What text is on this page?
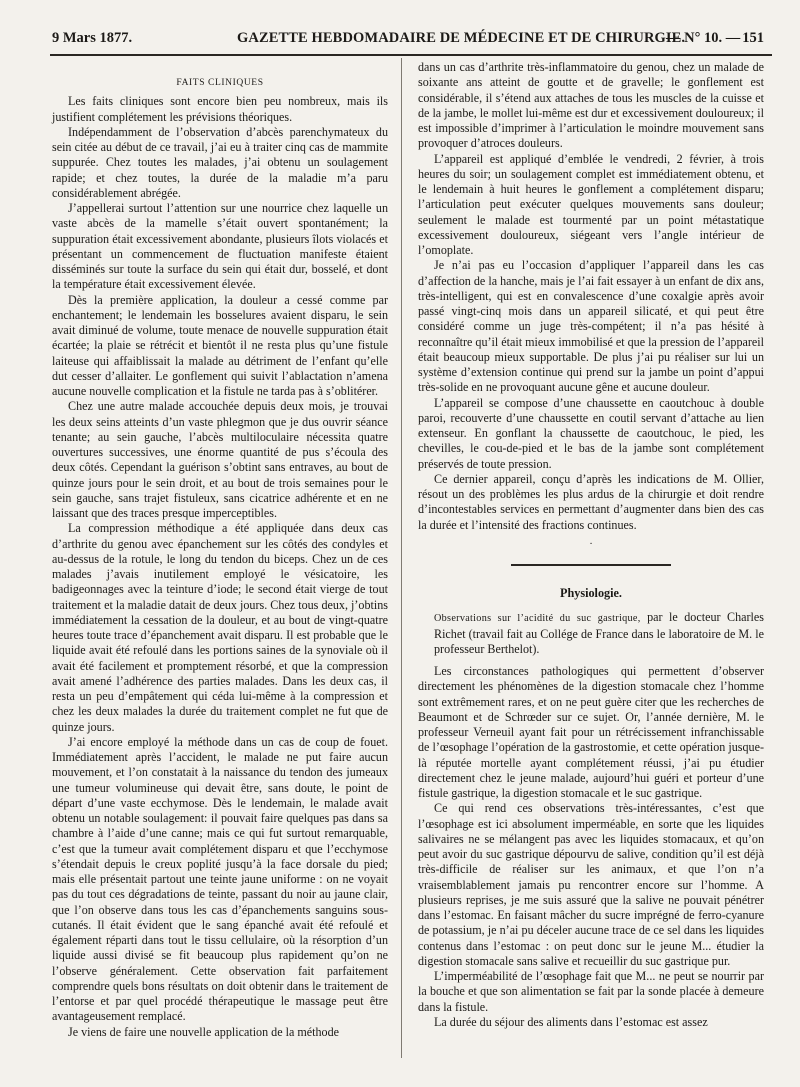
9 Mars 1877.	GAZETTE HEBDOMADAIRE DE MÉDECINE ET DE CHIRURGIE.
— N° 10. — 151
FAITS CLINIQUES

Les faits cliniques sont encore bien peu nombreux, mais ils justifient complétement les prévisions théoriques.

Indépendamment de l’observation d’abcès parenchymateux du sein citée au début de ce travail, j’ai eu à traiter cinq cas de mammite suppurée. Chez toutes les malades, j’ai obtenu un soulagement rapide; et chez toutes, la durée de la maladie m’a paru considérablement abrégée.

J’appellerai surtout l’attention sur une nourrice chez laquelle un vaste abcès de la mamelle s’était ouvert spontanément; la suppuration était excessivement abondante, plusieurs îlots violacés et présentant un commencement de fluctuation manifeste étaient disséminés sur toute la surface du sein qui était dur, bosselé, et dont la température était excessivement élevée.

Dès la première application, la douleur a cessé comme par enchantement; le lendemain les bosselures avaient disparu, le sein avait diminué de volume, toute menace de nouvelle suppuration était écartée; la plaie se rétrécit et bientôt il ne resta plus qu’une fistule laiteuse qui affaiblissait la malade au détriment de l’enfant qu’elle dut cesser d’allaiter. Le gonflement qui suivit l’ablactation n’amena aucune nouvelle complication et la fistule ne tarda pas à s’oblitérer.

Chez une autre malade accouchée depuis deux mois, je trouvai les deux seins atteints d’un vaste phlegmon que je dus ouvrir séance tenante; au sein gauche, l’abcès multiloculaire nécessita quatre ouvertures successives, une énorme quantité de pus s’écoula des deux côtés. Cependant la guérison s’obtint sans entraves, au bout de quinze jours pour le sein droit, et au bout de trois semaines pour le sein gauche, sans trajet fistuleux, sans cicatrice adhérente et en ne laissant que des traces presque imperceptibles.

La compression méthodique a été appliquée dans deux cas d’arthrite du genou avec épanchement sur les côtés des condyles et au-dessus de la rotule, le long du tendon du biceps. Chez un de ces malades j’avais inutilement employé le vésicatoire, les badigeonnages avec la teinture d’iode; le second était vierge de tout traitement et la maladie datait de deux jours. Chez tous deux, j’obtins immédiatement la cessation de la douleur, et au bout de vingt-quatre heures toute trace d’épanchement avait disparu. Il est probable que le liquide avait été refoulé dans les portions saines de la synoviale où il avait été facilement et promptement résorbé, et que la compression avait amené l’adhérence des parties malades. Dans les deux cas, il resta un peu d’empâtement qui céda lui-même à la compression et chez les deux malades la durée du traitement complet ne fut que de quinze jours.

J’ai encore employé la méthode dans un cas de coup de fouet. Immédiatement après l’accident, le malade ne put faire aucun mouvement, et l’on constatait à la naissance du tendon des jumeaux une tumeur volumineuse qui devait être, sans doute, le point de départ d’une vaste ecchymose. Dès le lendemain, le malade avait obtenu un notable soulagement: il pouvait faire quelques pas dans sa chambre à l’aide d’une canne; mais ce qui fut surtout remarquable, c’est que la tumeur avait complétement disparu et que l’ecchymose s’étendait depuis le creux poplité jusqu’à la face dorsale du pied; mais elle présentait partout une teinte jaune uniforme : on ne voyait pas du tout ces dégradations de teinte, passant du noir au jaune clair, que l’on observe dans tous les cas d’épanchements sanguins sous-cutanés. Il était évident que le sang épanché avait été refoulé et également réparti dans tout le tissu cellulaire, où la résorption d’un liquide aussi divisé se fit beaucoup plus rapidement qu’on ne l’observe généralement. Cette observation fait parfaitement comprendre quels bons résultats on doit obtenir dans le traitement de l’entorse et par quel procédé thérapeutique le massage peut être avantageusement remplacé.

Je viens de faire une nouvelle application de la méthode

dans un cas d’arthrite très-inflammatoire du genou, chez un malade de soixante ans atteint de goutte et de gravelle; le gonflement est considérable, il s’étend aux attaches de tous les muscles de la cuisse et de la jambe, le mollet lui-même est dur et excessivement douloureux; il est impossible d’imprimer à l’articulation le moindre mouvement sans provoquer d’atroces douleurs.

L’appareil est appliqué d’emblée le vendredi, 2 février, à trois heures du soir; un soulagement complet est immédiatement obtenu, et le lendemain à huit heures le gonflement a complétement disparu; l’articulation peut exécuter quelques mouvements sans douleur; seulement le malade est tourmenté par un point métastatique excessivement douloureux, siégeant vers l’angle intérieur de l’omoplate.

Je n’ai pas eu l’occasion d’appliquer l’appareil dans les cas d’affection de la hanche, mais je l’ai fait essayer à un enfant de dix ans, très-intelligent, qui est en convalescence d’une coxalgie après avoir passé vingt-cinq mois dans un appareil silicaté, et qui peut être considéré comme un juge très-compétent; il n’a pas hésité à reconnaître qu’il était mieux immobilisé et que la pression de l’appareil était beaucoup mieux supportable. De plus j’ai pu réaliser sur lui un système d’extension continue qui prend sur la jambe un point d’appui très-solide en ne provoquant aucune gêne et aucune douleur.

L’appareil se compose d’une chaussette en caoutchouc à double paroi, recouverte d’une chaussette en coutil servant d’attache au lien extenseur. En gonflant la chaussette de caoutchouc, le pied, les chevilles, le cou-de-pied et le bas de la jambe sont complétement préservés de toute pression.

Ce dernier appareil, conçu d’après les indications de M. Ollier, résout un des problèmes les plus ardus de la chirurgie et doit rendre d’incontestables services en permettant d’augmenter dans bien des cas la durée et l’intensité des fractions continues.

·
Physiologie.

Observations sur l’acidité du suc gastrique, par le docteur Charles Richet (travail fait au Collége de France dans le laboratoire de M. le professeur Berthelot).

Les circonstances pathologiques qui permettent d’observer directement les phénomènes de la digestion stomacale chez l’homme sont extrêmement rares, et on ne peut guère citer que les recherches de Beaumont et de Schrœder sur ce sujet. Or, l’année dernière, M. le professeur Verneuil ayant fait pour un rétrécissement infranchissable de l’œsophage l’opération de la gastrostomie, et cette opération jusque-là réputée mortelle ayant complétement réussi, j’ai pu étudier directement chez le jeune malade, aujourd’hui guéri et porteur d’une fistule gastrique, la digestion stomacale et le suc gastrique.

Ce qui rend ces observations très-intéressantes, c’est que l’œsophage est ici absolument imperméable, en sorte que les liquides salivaires ne se mélangent pas avec les liquides stomacaux, et qu’on peut avoir du suc gastrique dépourvu de salive, condition qu’il est déjà très-difficile de réaliser sur les animaux, et que l’on n’a vraisemblablement jamais pu rencontrer encore sur l’homme. A plusieurs reprises, je me suis assuré que la salive ne pouvait pénétrer dans l’estomac. En faisant mâcher du sucre imprégné de ferro-cyanure de potassium, je n’ai pu déceler aucune trace de ce sel dans les liquides contenus dans l’estomac : on peut donc sur le jeune M... étudier la digestion stomacale sans salive et recueillir du suc gastrique pur.

L’imperméabilité de l’œsophage fait que M... ne peut se nourrir par la bouche et que son alimentation se fait par la sonde placée à demeure dans la fistule.

La durée du séjour des aliments dans l’estomac est assez
